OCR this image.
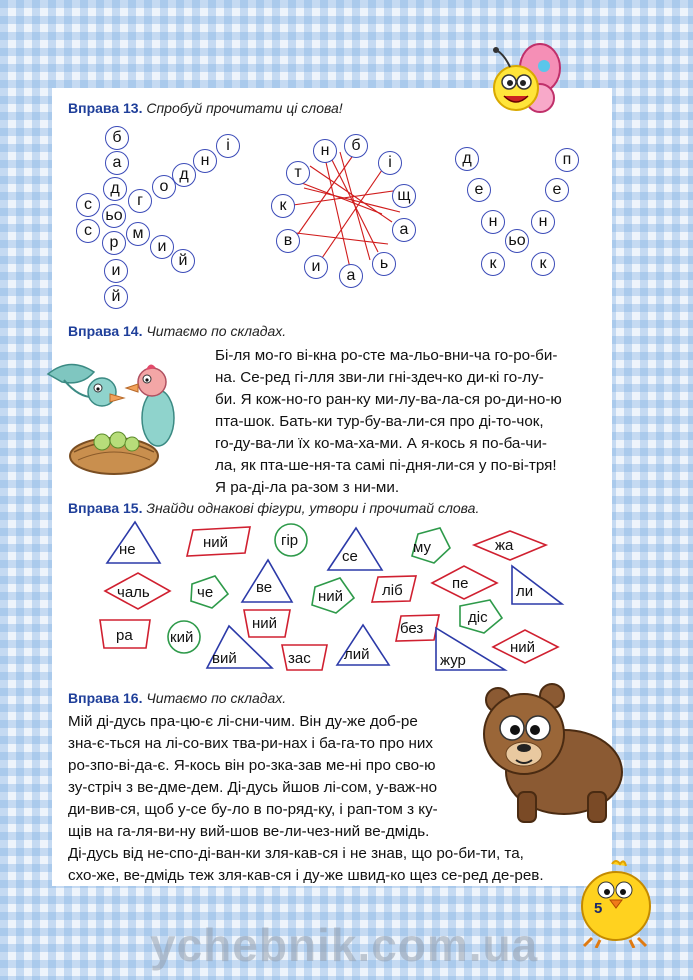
Вправа 13. Спробуй прочитати ці слова!
б
а
д
с
ьо
г
с
р
о
д
н
і
м
и
й
и
й
т
н	б
і
щ
к
а
в
и
а
ь
д	п
е	е
н	н
ьо
к	к
Вправа 14. Читаємо по складах.
Бі-ля мо-го ві-кна ро-сте ма-льо-вни-ча го-ро-би-
на. Се-ред гі-лля зви-ли гні-здеч-ко ди-кі го-лу-
би. Я кож-но-го ран-ку ми-лу-ва-ла-ся ро-ди-но-ю
пта-шок. Бать-ки тур-бу-ва-ли-ся про ді-то-чок,
го-ду-ва-ли їх ко-ма-ха-ми. А я-кось я по-ба-чи-
ла, як пта-ше-ня-та самі пі-дня-ли-ся у по-ві-тря!
Я ра-ді-ла ра-зом з ни-ми.
Вправа 15. Знайди однакові фігури, утвори і прочитай слова.
не	ний	гір
се
му	жа
чаль	че	ве
ний	ліб	пе	ли
ра кий
ний	дic
без
вий	зас лий	жур
ний
Вправа 16. Читаємо по складах.
Мій ді-дусь пра-цю-є лі-сни-чим. Він ду-же доб-ре
зна-є-ться на лі-со-вих тва-ри-нах і ба-га-то про них
ро-зпо-ві-да-є. Я-кось він ро-зка-зав ме-ні про сво-ю
зу-стріч з ве-дме-дем. Ді-дусь йшов лі-сом, у-важ-но
ди-вив-ся, щоб у-се бу-ло в по-ряд-ку, і рап-том з ку-
щів на га-ля-ви-ну вий-шов ве-ли-чез-ний ве-дмідь.
Ді-дусь від не-спо-ді-ван-ки зля-кав-ся і не знав, що ро-би-ти, та,
схо-же, ве-дмідь теж зля-кав-ся і ду-же швид-ко щез се-ред де-рев.
5
ychebnik.com.ua
